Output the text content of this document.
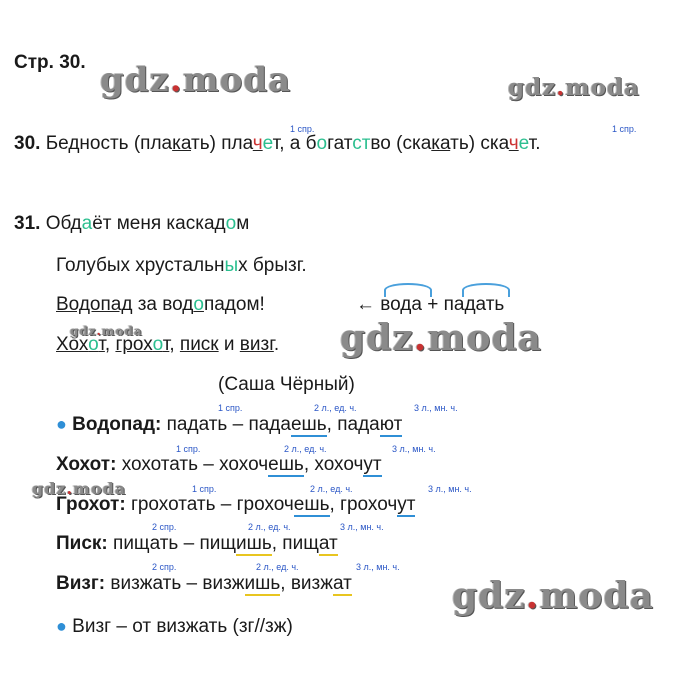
Стр. 30. gdz.moda	gdz.moda
gdz.moda
gdz.moda
gdz.moda
gdz.moda
1 спр.	1 спр.
30. Бедность (плакать) плачет, а богатство (скакать) скачет.
31. Обдаёт меня каскадом
Голубых хрустальных брызг.
Водопад за водопадом!	← вода + падать
Хохот, грохот, писк и визг.
(Саша Чёрный)
1 спр.	2 л., ед. ч.	3 л., мн. ч.
● Водопад: падать – падаешь, падают
1 спр.	2 л., ед. ч.	3 л., мн. ч.
Хохот: хохотать – хохочешь, хохочут
1 спр.	2 л., ед. ч.	3 л., мн. ч.
Грохот: грохотать – грохочешь, грохочут
2 спр.	2 л., ед. ч.	3 л., мн. ч.
Писк: пищать – пищишь, пищат
2 спр.	2 л., ед. ч.	3 л., мн. ч.
Визг: визжать – визжишь, визжат
● Визг – от визжать (зг//зж)
